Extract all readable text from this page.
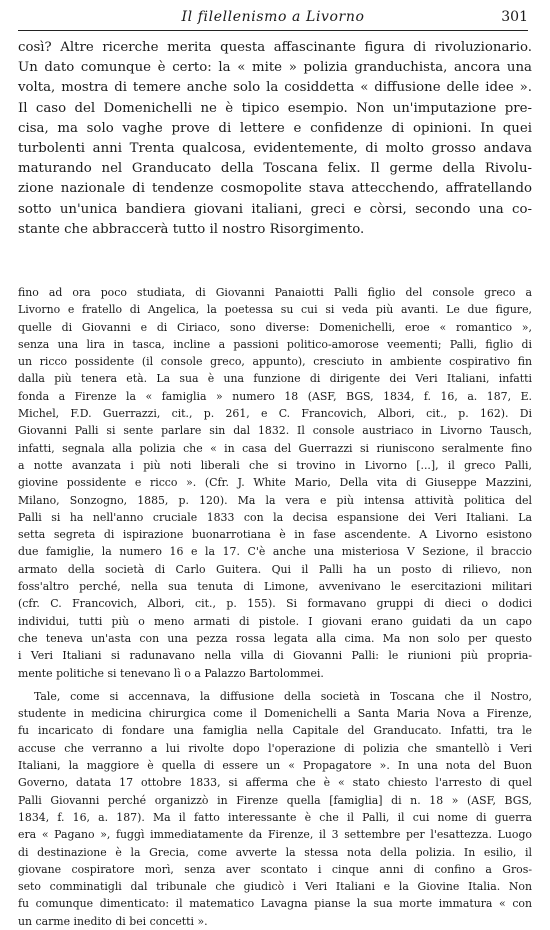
Il filellenismo a Livorno	301
così? Altre ricerche merita questa affascinante figura di rivoluzionario.
Un dato comunque è certo: la « mite » polizia granduchista, ancora una
volta, mostra di temere anche solo la cosiddetta « diffusione delle idee ».
Il caso del Domenichelli ne è tipico esempio. Non un'imputazione pre-
cisa, ma solo vaghe prove di lettere e confidenze di opinioni. In quei
turbolenti anni Trenta qualcosa, evidentemente, di molto grosso andava
maturando nel Granducato della Toscana felix. Il germe della Rivolu-
zione nazionale di tendenze cosmopolite stava attecchendo, affratellando
sotto un'unica bandiera giovani italiani, greci e còrsi, secondo una co-
stante che abbraccerà tutto il nostro Risorgimento.
fino ad ora poco studiata, di Giovanni Panaiotti Palli figlio del console greco a
Livorno e fratello di Angelica, la poetessa su cui si veda più avanti. Le due figure,
quelle di Giovanni e di Ciriaco, sono diverse: Domenichelli, eroe « romantico »,
senza una lira in tasca, incline a passioni politico-amorose veementi; Palli, figlio di
un ricco possidente (il console greco, appunto), cresciuto in ambiente cospirativo fin
dalla più tenera età. La sua è una funzione di dirigente dei Veri Italiani, infatti
fonda a Firenze la « famiglia » numero 18 (ASF, BGS, 1834, f. 16, a. 187, E.
Michel, F.D. Guerrazzi, cit., p. 261, e C. Francovich, Albori, cit., p. 162). Di
Giovanni Palli si sente parlare sin dal 1832. Il console austriaco in Livorno Tausch,
infatti, segnala alla polizia che « in casa del Guerrazzi si riuniscono seralmente fino
a notte avanzata i più noti liberali che si trovino in Livorno [...], il greco Palli,
giovine possidente e ricco ». (Cfr. J. White Mario, Della vita di Giuseppe Mazzini,
Milano, Sonzogno, 1885, p. 120). Ma la vera e più intensa attività politica del
Palli si ha nell'anno cruciale 1833 con la decisa espansione dei Veri Italiani. La
setta segreta di ispirazione buonarrotiana è in fase ascendente. A Livorno esistono
due famiglie, la numero 16 e la 17. C'è anche una misteriosa V Sezione, il braccio
armato della società di Carlo Guitera. Qui il Palli ha un posto di rilievo, non
foss'altro perché, nella sua tenuta di Limone, avvenivano le esercitazioni militari
(cfr. C. Francovich, Albori, cit., p. 155). Si formavano gruppi di dieci o dodici
individui, tutti più o meno armati di pistole. I giovani erano guidati da un capo
che teneva un'asta con una pezza rossa legata alla cima. Ma non solo per questo
i Veri Italiani si radunavano nella villa di Giovanni Palli: le riunioni più propria-
mente politiche si tenevano lì o a Palazzo Bartolommei.
Tale, come si accennava, la diffusione della società in Toscana che il Nostro,
studente in medicina chirurgica come il Domenichelli a Santa Maria Nova a Firenze,
fu incaricato di fondare una famiglia nella Capitale del Granducato. Infatti, tra le
accuse che verranno a lui rivolte dopo l'operazione di polizia che smantellò i Veri
Italiani, la maggiore è quella di essere un « Propagatore ». In una nota del Buon
Governo, datata 17 ottobre 1833, si afferma che è « stato chiesto l'arresto di quel
Palli Giovanni perché organizzò in Firenze quella [famiglia] di n. 18 » (ASF, BGS,
1834, f. 16, a. 187). Ma il fatto interessante è che il Palli, il cui nome di guerra
era « Pagano », fuggì immediatamente da Firenze, il 3 settembre per l'esattezza. Luogo
di destinazione è la Grecia, come avverte la stessa nota della polizia. In esilio, il
giovane cospiratore morì, senza aver scontato i cinque anni di confino a Gros-
seto comminatigli dal tribunale che giudicò i Veri Italiani e la Giovine Italia. Non
fu comunque dimenticato: il matematico Lavagna pianse la sua morte immatura « con
un carme inedito di bei concetti ».
